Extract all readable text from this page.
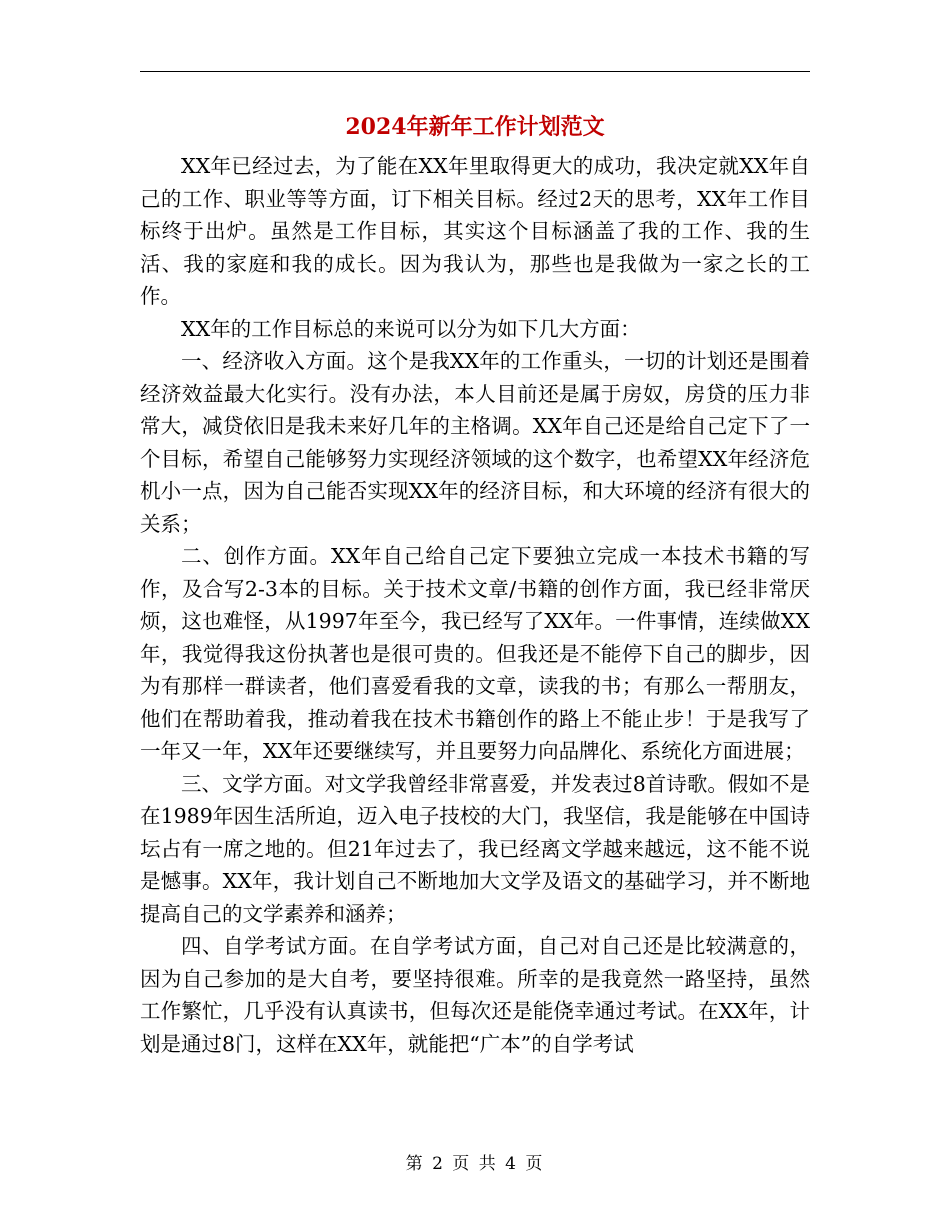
2024年新年工作计划范文

XX年已经过去，为了能在XX年里取得更大的成功，我决定就XX年自己的工作、职业等等方面，订下相关目标。经过2天的思考，XX年工作目标终于出炉。虽然是工作目标，其实这个目标涵盖了我的工作、我的生活、我的家庭和我的成长。因为我认为，那些也是我做为一家之长的工作。

XX年的工作目标总的来说可以分为如下几大方面：

一、经济收入方面。这个是我XX年的工作重头，一切的计划还是围着经济效益最大化实行。没有办法，本人目前还是属于房奴，房贷的压力非常大，减贷依旧是我未来好几年的主格调。XX年自己还是给自己定下了一个目标，希望自己能够努力实现经济领域的这个数字，也希望XX年经济危机小一点，因为自己能否实现XX年的经济目标，和大环境的经济有很大的关系；

二、创作方面。XX年自己给自己定下要独立完成一本技术书籍的写作，及合写2-3本的目标。关于技术文章/书籍的创作方面，我已经非常厌烦，这也难怪，从1997年至今，我已经写了XX年。一件事情，连续做XX年，我觉得我这份执著也是很可贵的。但我还是不能停下自己的脚步，因为有那样一群读者，他们喜爱看我的文章，读我的书；有那么一帮朋友，他们在帮助着我，推动着我在技术书籍创作的路上不能止步！于是我写了一年又一年，XX年还要继续写，并且要努力向品牌化、系统化方面进展；

三、文学方面。对文学我曾经非常喜爱，并发表过8首诗歌。假如不是在1989年因生活所迫，迈入电子技校的大门，我坚信，我是能够在中国诗坛占有一席之地的。但21年过去了，我已经离文学越来越远，这不能不说是憾事。XX年，我计划自己不断地加大文学及语文的基础学习，并不断地提高自己的文学素养和涵养；

四、自学考试方面。在自学考试方面，自己对自己还是比较满意的，因为自己参加的是大自考，要坚持很难。所幸的是我竟然一路坚持，虽然工作繁忙，几乎没有认真读书，但每次还是能侥幸通过考试。在XX年，计划是通过8门，这样在XX年，就能把“广本”的自学考试

第 2 页 共 4 页
